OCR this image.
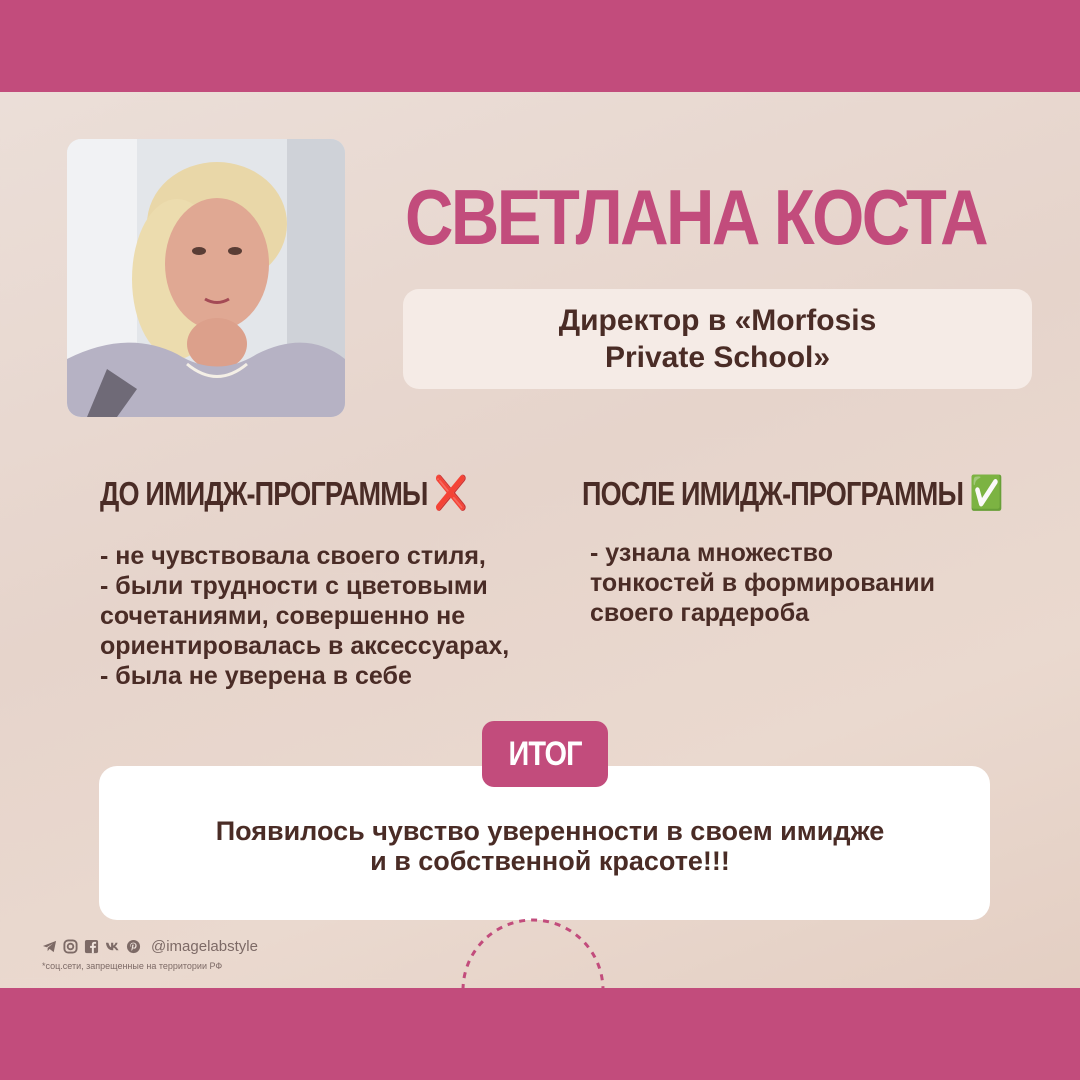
СВЕТЛАНА КОСТА
Директор в «Morfosis Private School»
ДО ИМИДЖ-ПРОГРАММЫ ❌	ПОСЛЕ ИМИДЖ-ПРОГРАММЫ ✅
- не чувствовала своего стиля,
- были трудности с цветовыми
сочетаниями, совершенно не
ориентировалась в аксессуарах,
- была не уверена в себе
- узнала множество
тонкостей в формировании
своего гардероба
Появилось чувство уверенности в своем имидже
и в собственной красоте!!!
ИТОГ
@imagelabstyle
*соц.сети, запрещенные на территории РФ
